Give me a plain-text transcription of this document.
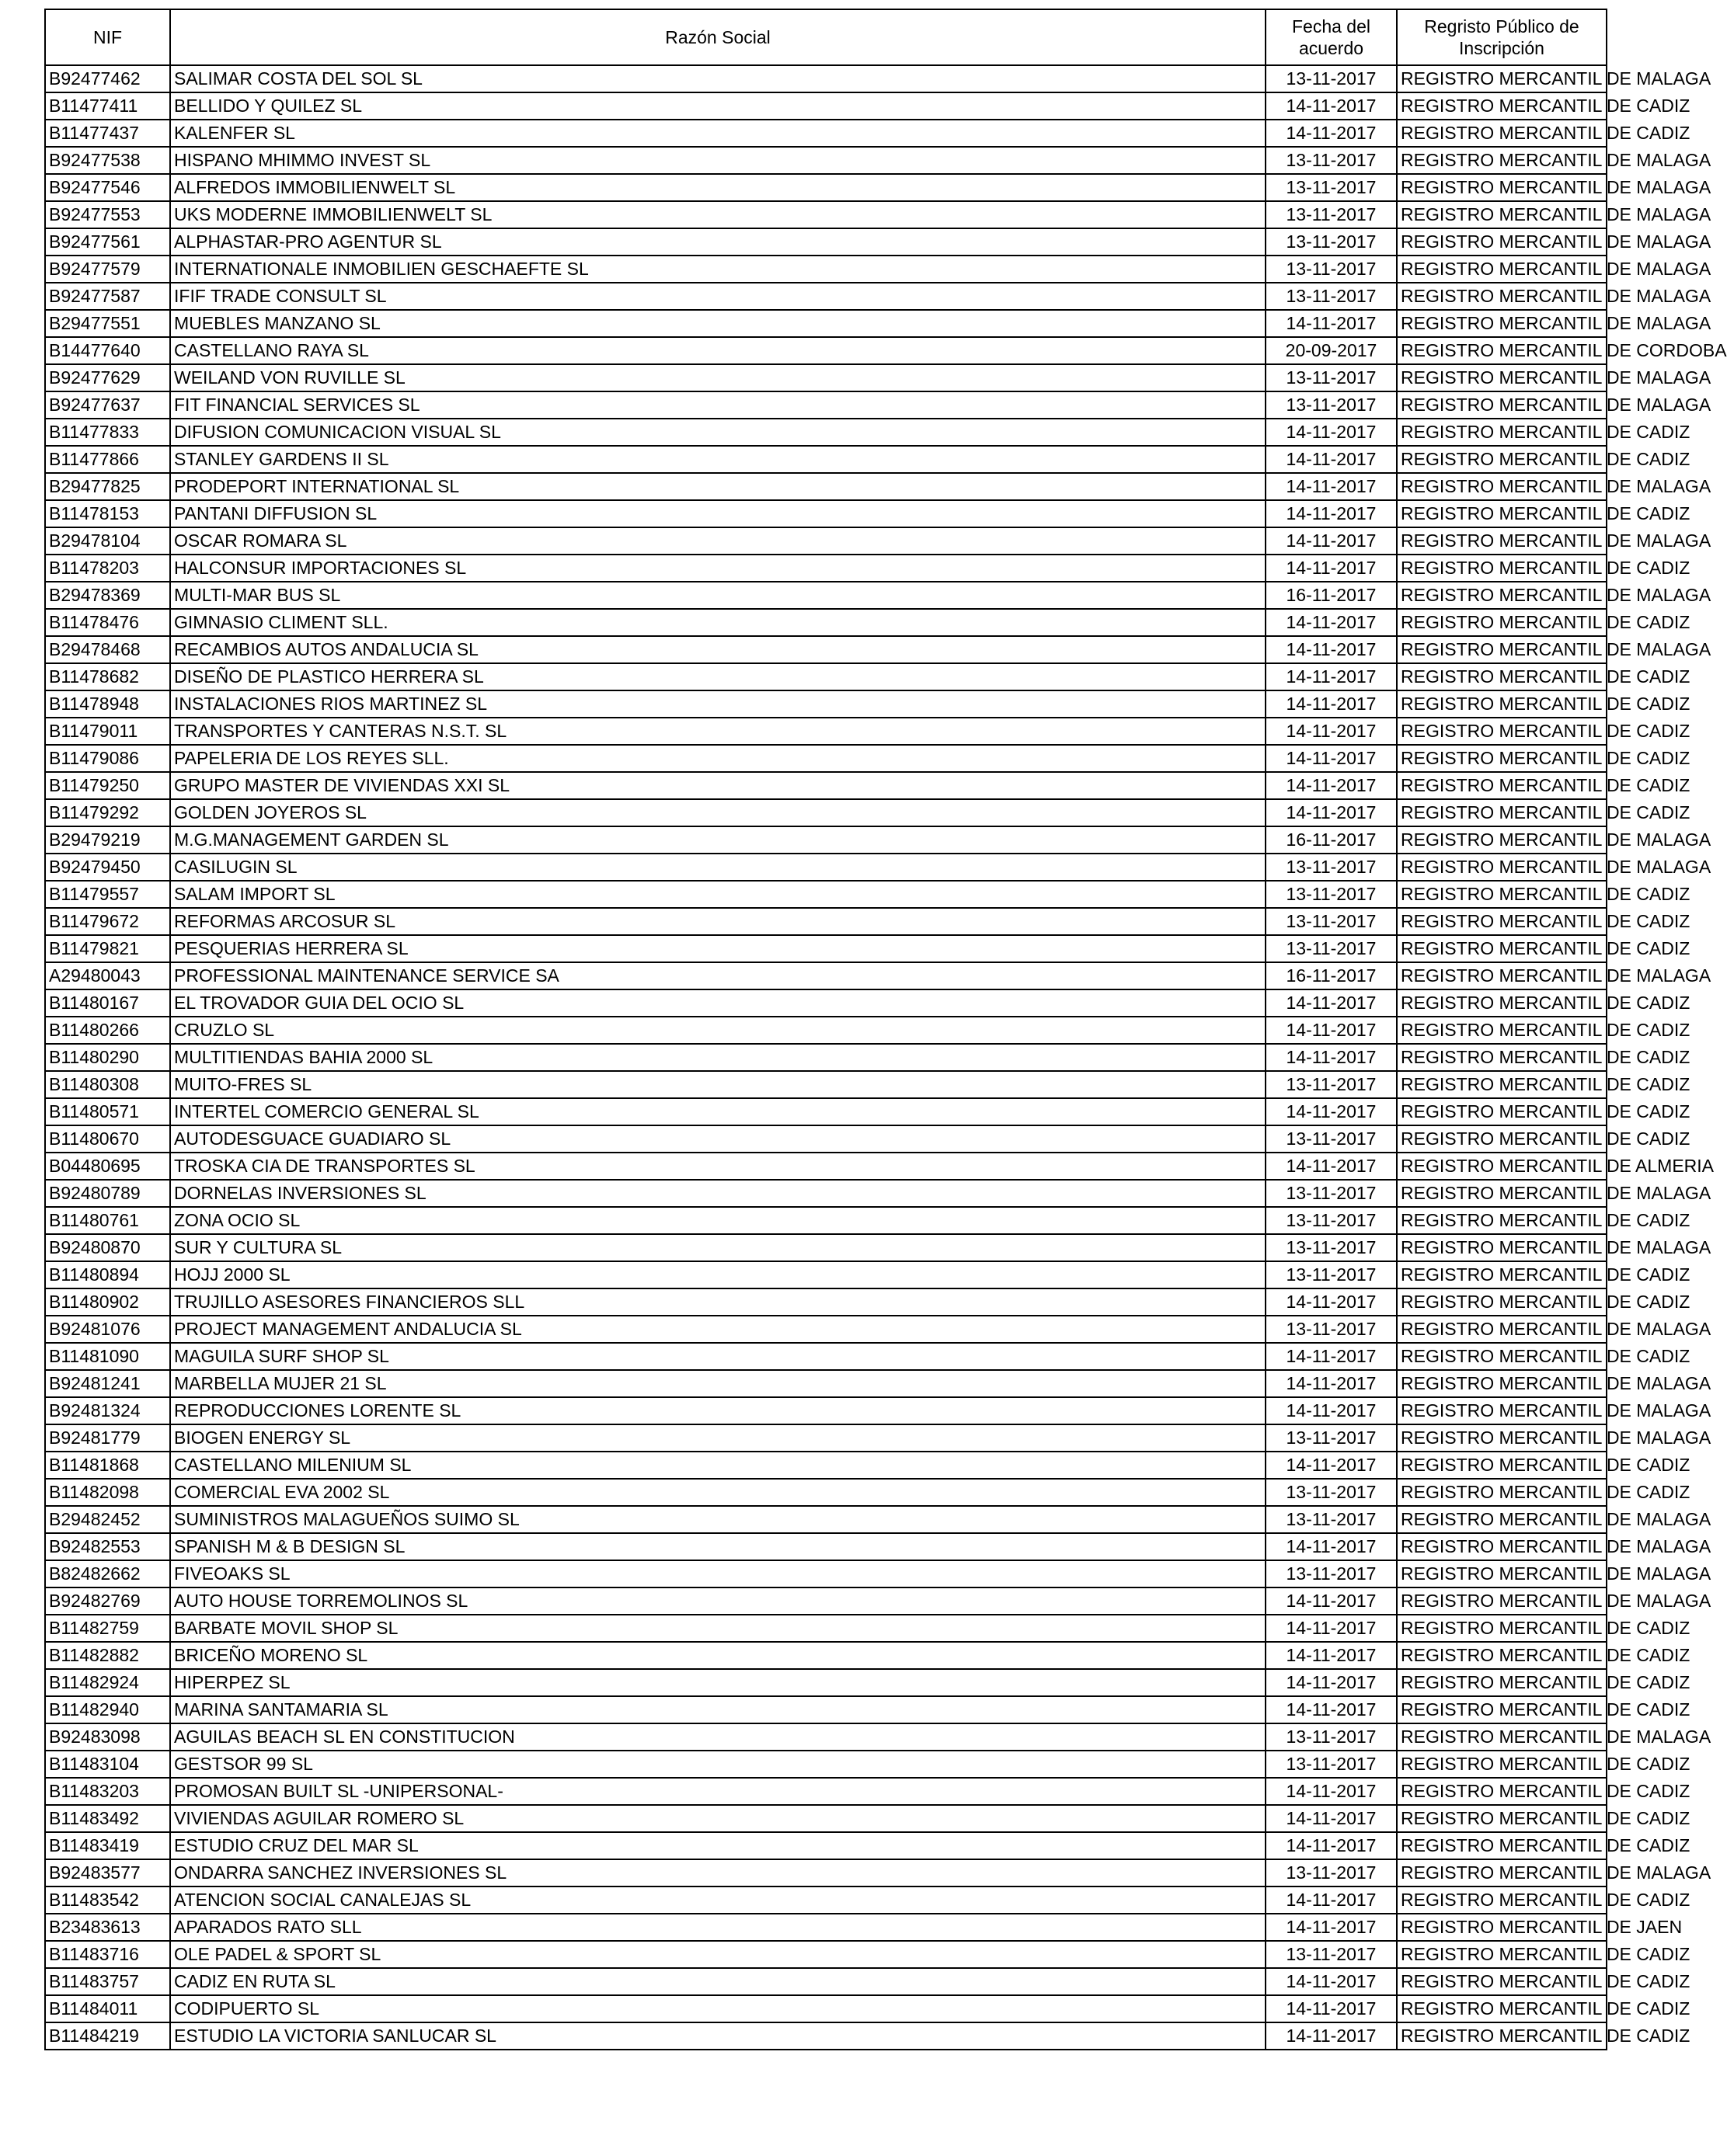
NIF	Razón Social	Fecha del acuerdo	Regristo Público de Inscripción
B92477462	SALIMAR COSTA DEL SOL SL	13-11-2017	REGISTRO MERCANTIL DE MALAGA
B11477411	BELLIDO Y QUILEZ SL	14-11-2017	REGISTRO MERCANTIL DE CADIZ
B11477437	KALENFER SL	14-11-2017	REGISTRO MERCANTIL DE CADIZ
B92477538	HISPANO MHIMMO INVEST SL	13-11-2017	REGISTRO MERCANTIL DE MALAGA
B92477546	ALFREDOS IMMOBILIENWELT SL	13-11-2017	REGISTRO MERCANTIL DE MALAGA
B92477553	UKS MODERNE IMMOBILIENWELT SL	13-11-2017	REGISTRO MERCANTIL DE MALAGA
B92477561	ALPHASTAR-PRO AGENTUR SL	13-11-2017	REGISTRO MERCANTIL DE MALAGA
B92477579	INTERNATIONALE INMOBILIEN GESCHAEFTE SL	13-11-2017	REGISTRO MERCANTIL DE MALAGA
B92477587	IFIF TRADE CONSULT SL	13-11-2017	REGISTRO MERCANTIL DE MALAGA
B29477551	MUEBLES MANZANO SL	14-11-2017	REGISTRO MERCANTIL DE MALAGA
B14477640	CASTELLANO RAYA SL	20-09-2017	REGISTRO MERCANTIL DE CORDOBA
B92477629	WEILAND VON RUVILLE SL	13-11-2017	REGISTRO MERCANTIL DE MALAGA
B92477637	FIT FINANCIAL SERVICES SL	13-11-2017	REGISTRO MERCANTIL DE MALAGA
B11477833	DIFUSION COMUNICACION VISUAL SL	14-11-2017	REGISTRO MERCANTIL DE CADIZ
B11477866	STANLEY GARDENS II SL	14-11-2017	REGISTRO MERCANTIL DE CADIZ
B29477825	PRODEPORT INTERNATIONAL SL	14-11-2017	REGISTRO MERCANTIL DE MALAGA
B11478153	PANTANI DIFFUSION SL	14-11-2017	REGISTRO MERCANTIL DE CADIZ
B29478104	OSCAR ROMARA SL	14-11-2017	REGISTRO MERCANTIL DE MALAGA
B11478203	HALCONSUR IMPORTACIONES SL	14-11-2017	REGISTRO MERCANTIL DE CADIZ
B29478369	MULTI-MAR BUS SL	16-11-2017	REGISTRO MERCANTIL DE MALAGA
B11478476	GIMNASIO CLIMENT SLL.	14-11-2017	REGISTRO MERCANTIL DE CADIZ
B29478468	RECAMBIOS AUTOS ANDALUCIA SL	14-11-2017	REGISTRO MERCANTIL DE MALAGA
B11478682	DISEÑO DE PLASTICO HERRERA SL	14-11-2017	REGISTRO MERCANTIL DE CADIZ
B11478948	INSTALACIONES RIOS MARTINEZ SL	14-11-2017	REGISTRO MERCANTIL DE CADIZ
B11479011	TRANSPORTES Y CANTERAS N.S.T. SL	14-11-2017	REGISTRO MERCANTIL DE CADIZ
B11479086	PAPELERIA DE LOS REYES SLL.	14-11-2017	REGISTRO MERCANTIL DE CADIZ
B11479250	GRUPO MASTER DE VIVIENDAS XXI SL	14-11-2017	REGISTRO MERCANTIL DE CADIZ
B11479292	GOLDEN JOYEROS SL	14-11-2017	REGISTRO MERCANTIL DE CADIZ
B29479219	M.G.MANAGEMENT GARDEN SL	16-11-2017	REGISTRO MERCANTIL DE MALAGA
B92479450	CASILUGIN SL	13-11-2017	REGISTRO MERCANTIL DE MALAGA
B11479557	SALAM IMPORT SL	13-11-2017	REGISTRO MERCANTIL DE CADIZ
B11479672	REFORMAS ARCOSUR SL	13-11-2017	REGISTRO MERCANTIL DE CADIZ
B11479821	PESQUERIAS HERRERA SL	13-11-2017	REGISTRO MERCANTIL DE CADIZ
A29480043	PROFESSIONAL MAINTENANCE SERVICE SA	16-11-2017	REGISTRO MERCANTIL DE MALAGA
B11480167	EL TROVADOR GUIA DEL OCIO SL	14-11-2017	REGISTRO MERCANTIL DE CADIZ
B11480266	CRUZLO SL	14-11-2017	REGISTRO MERCANTIL DE CADIZ
B11480290	MULTITIENDAS BAHIA 2000 SL	14-11-2017	REGISTRO MERCANTIL DE CADIZ
B11480308	MUITO-FRES SL	13-11-2017	REGISTRO MERCANTIL DE CADIZ
B11480571	INTERTEL COMERCIO GENERAL SL	14-11-2017	REGISTRO MERCANTIL DE CADIZ
B11480670	AUTODESGUACE GUADIARO SL	13-11-2017	REGISTRO MERCANTIL DE CADIZ
B04480695	TROSKA CIA DE TRANSPORTES SL	14-11-2017	REGISTRO MERCANTIL DE ALMERIA
B92480789	DORNELAS INVERSIONES SL	13-11-2017	REGISTRO MERCANTIL DE MALAGA
B11480761	ZONA OCIO SL	13-11-2017	REGISTRO MERCANTIL DE CADIZ
B92480870	SUR Y CULTURA SL	13-11-2017	REGISTRO MERCANTIL DE MALAGA
B11480894	HOJJ 2000 SL	13-11-2017	REGISTRO MERCANTIL DE CADIZ
B11480902	TRUJILLO ASESORES FINANCIEROS SLL	14-11-2017	REGISTRO MERCANTIL DE CADIZ
B92481076	PROJECT MANAGEMENT ANDALUCIA SL	13-11-2017	REGISTRO MERCANTIL DE MALAGA
B11481090	MAGUILA SURF SHOP SL	14-11-2017	REGISTRO MERCANTIL DE CADIZ
B92481241	MARBELLA MUJER 21 SL	14-11-2017	REGISTRO MERCANTIL DE MALAGA
B92481324	REPRODUCCIONES LORENTE SL	14-11-2017	REGISTRO MERCANTIL DE MALAGA
B92481779	BIOGEN ENERGY SL	13-11-2017	REGISTRO MERCANTIL DE MALAGA
B11481868	CASTELLANO MILENIUM SL	14-11-2017	REGISTRO MERCANTIL DE CADIZ
B11482098	COMERCIAL EVA 2002 SL	13-11-2017	REGISTRO MERCANTIL DE CADIZ
B29482452	SUMINISTROS MALAGUEÑOS SUIMO SL	13-11-2017	REGISTRO MERCANTIL DE MALAGA
B92482553	SPANISH M & B DESIGN SL	14-11-2017	REGISTRO MERCANTIL DE MALAGA
B82482662	FIVEOAKS SL	13-11-2017	REGISTRO MERCANTIL DE MALAGA
B92482769	AUTO HOUSE TORREMOLINOS SL	14-11-2017	REGISTRO MERCANTIL DE MALAGA
B11482759	BARBATE MOVIL SHOP SL	14-11-2017	REGISTRO MERCANTIL DE CADIZ
B11482882	BRICEÑO MORENO SL	14-11-2017	REGISTRO MERCANTIL DE CADIZ
B11482924	HIPERPEZ SL	14-11-2017	REGISTRO MERCANTIL DE CADIZ
B11482940	MARINA SANTAMARIA SL	14-11-2017	REGISTRO MERCANTIL DE CADIZ
B92483098	AGUILAS BEACH SL EN CONSTITUCION	13-11-2017	REGISTRO MERCANTIL DE MALAGA
B11483104	GESTSOR 99 SL	13-11-2017	REGISTRO MERCANTIL DE CADIZ
B11483203	PROMOSAN BUILT SL -UNIPERSONAL-	14-11-2017	REGISTRO MERCANTIL DE CADIZ
B11483492	VIVIENDAS AGUILAR ROMERO SL	14-11-2017	REGISTRO MERCANTIL DE CADIZ
B11483419	ESTUDIO CRUZ DEL MAR SL	14-11-2017	REGISTRO MERCANTIL DE CADIZ
B92483577	ONDARRA SANCHEZ INVERSIONES SL	13-11-2017	REGISTRO MERCANTIL DE MALAGA
B11483542	ATENCION SOCIAL CANALEJAS SL	14-11-2017	REGISTRO MERCANTIL DE CADIZ
B23483613	APARADOS RATO SLL	14-11-2017	REGISTRO MERCANTIL DE JAEN
B11483716	OLE PADEL & SPORT SL	13-11-2017	REGISTRO MERCANTIL DE CADIZ
B11483757	CADIZ EN RUTA SL	14-11-2017	REGISTRO MERCANTIL DE CADIZ
B11484011	CODIPUERTO SL	14-11-2017	REGISTRO MERCANTIL DE CADIZ
B11484219	ESTUDIO LA VICTORIA SANLUCAR SL	14-11-2017	REGISTRO MERCANTIL DE CADIZ
